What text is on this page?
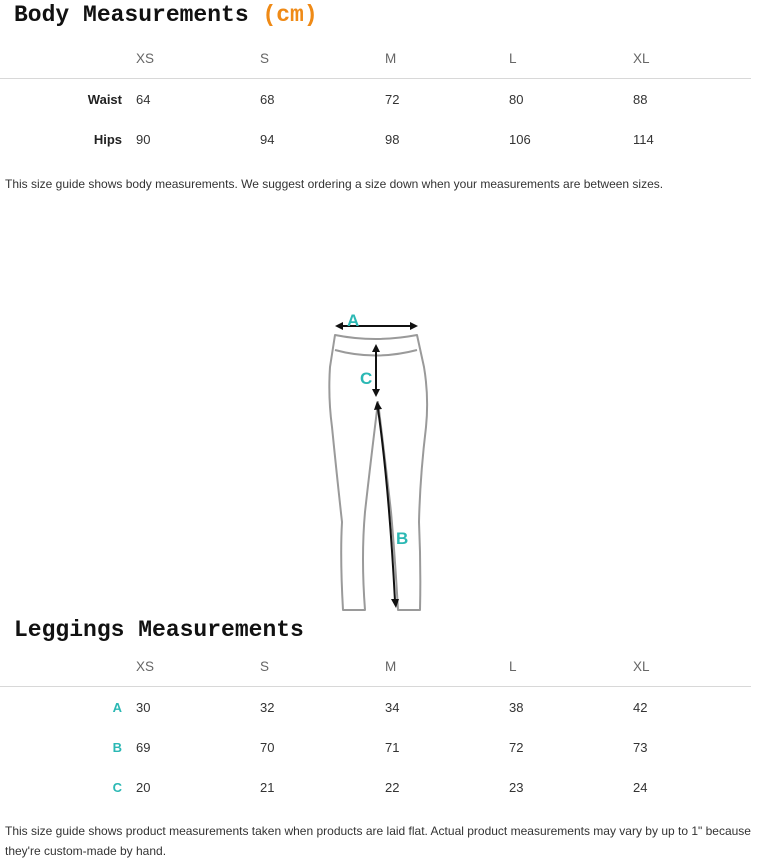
Body Measurements (cm)
XS	S	M	L	XL
Waist 64	68	72	80	88
Hips 90	94	98	106	114

This size guide shows body measurements. We suggest ordering a size down when your measurements are between sizes.

A
C
B
Leggings Measurements
XS	S	M	L	XL
A 30	32	34	38	42
B 69	70	71	72	73
C 20	21	22	23	24

This size guide shows product measurements taken when products are laid flat. Actual product measurements may vary by up to 1" because they're custom-made by hand.
